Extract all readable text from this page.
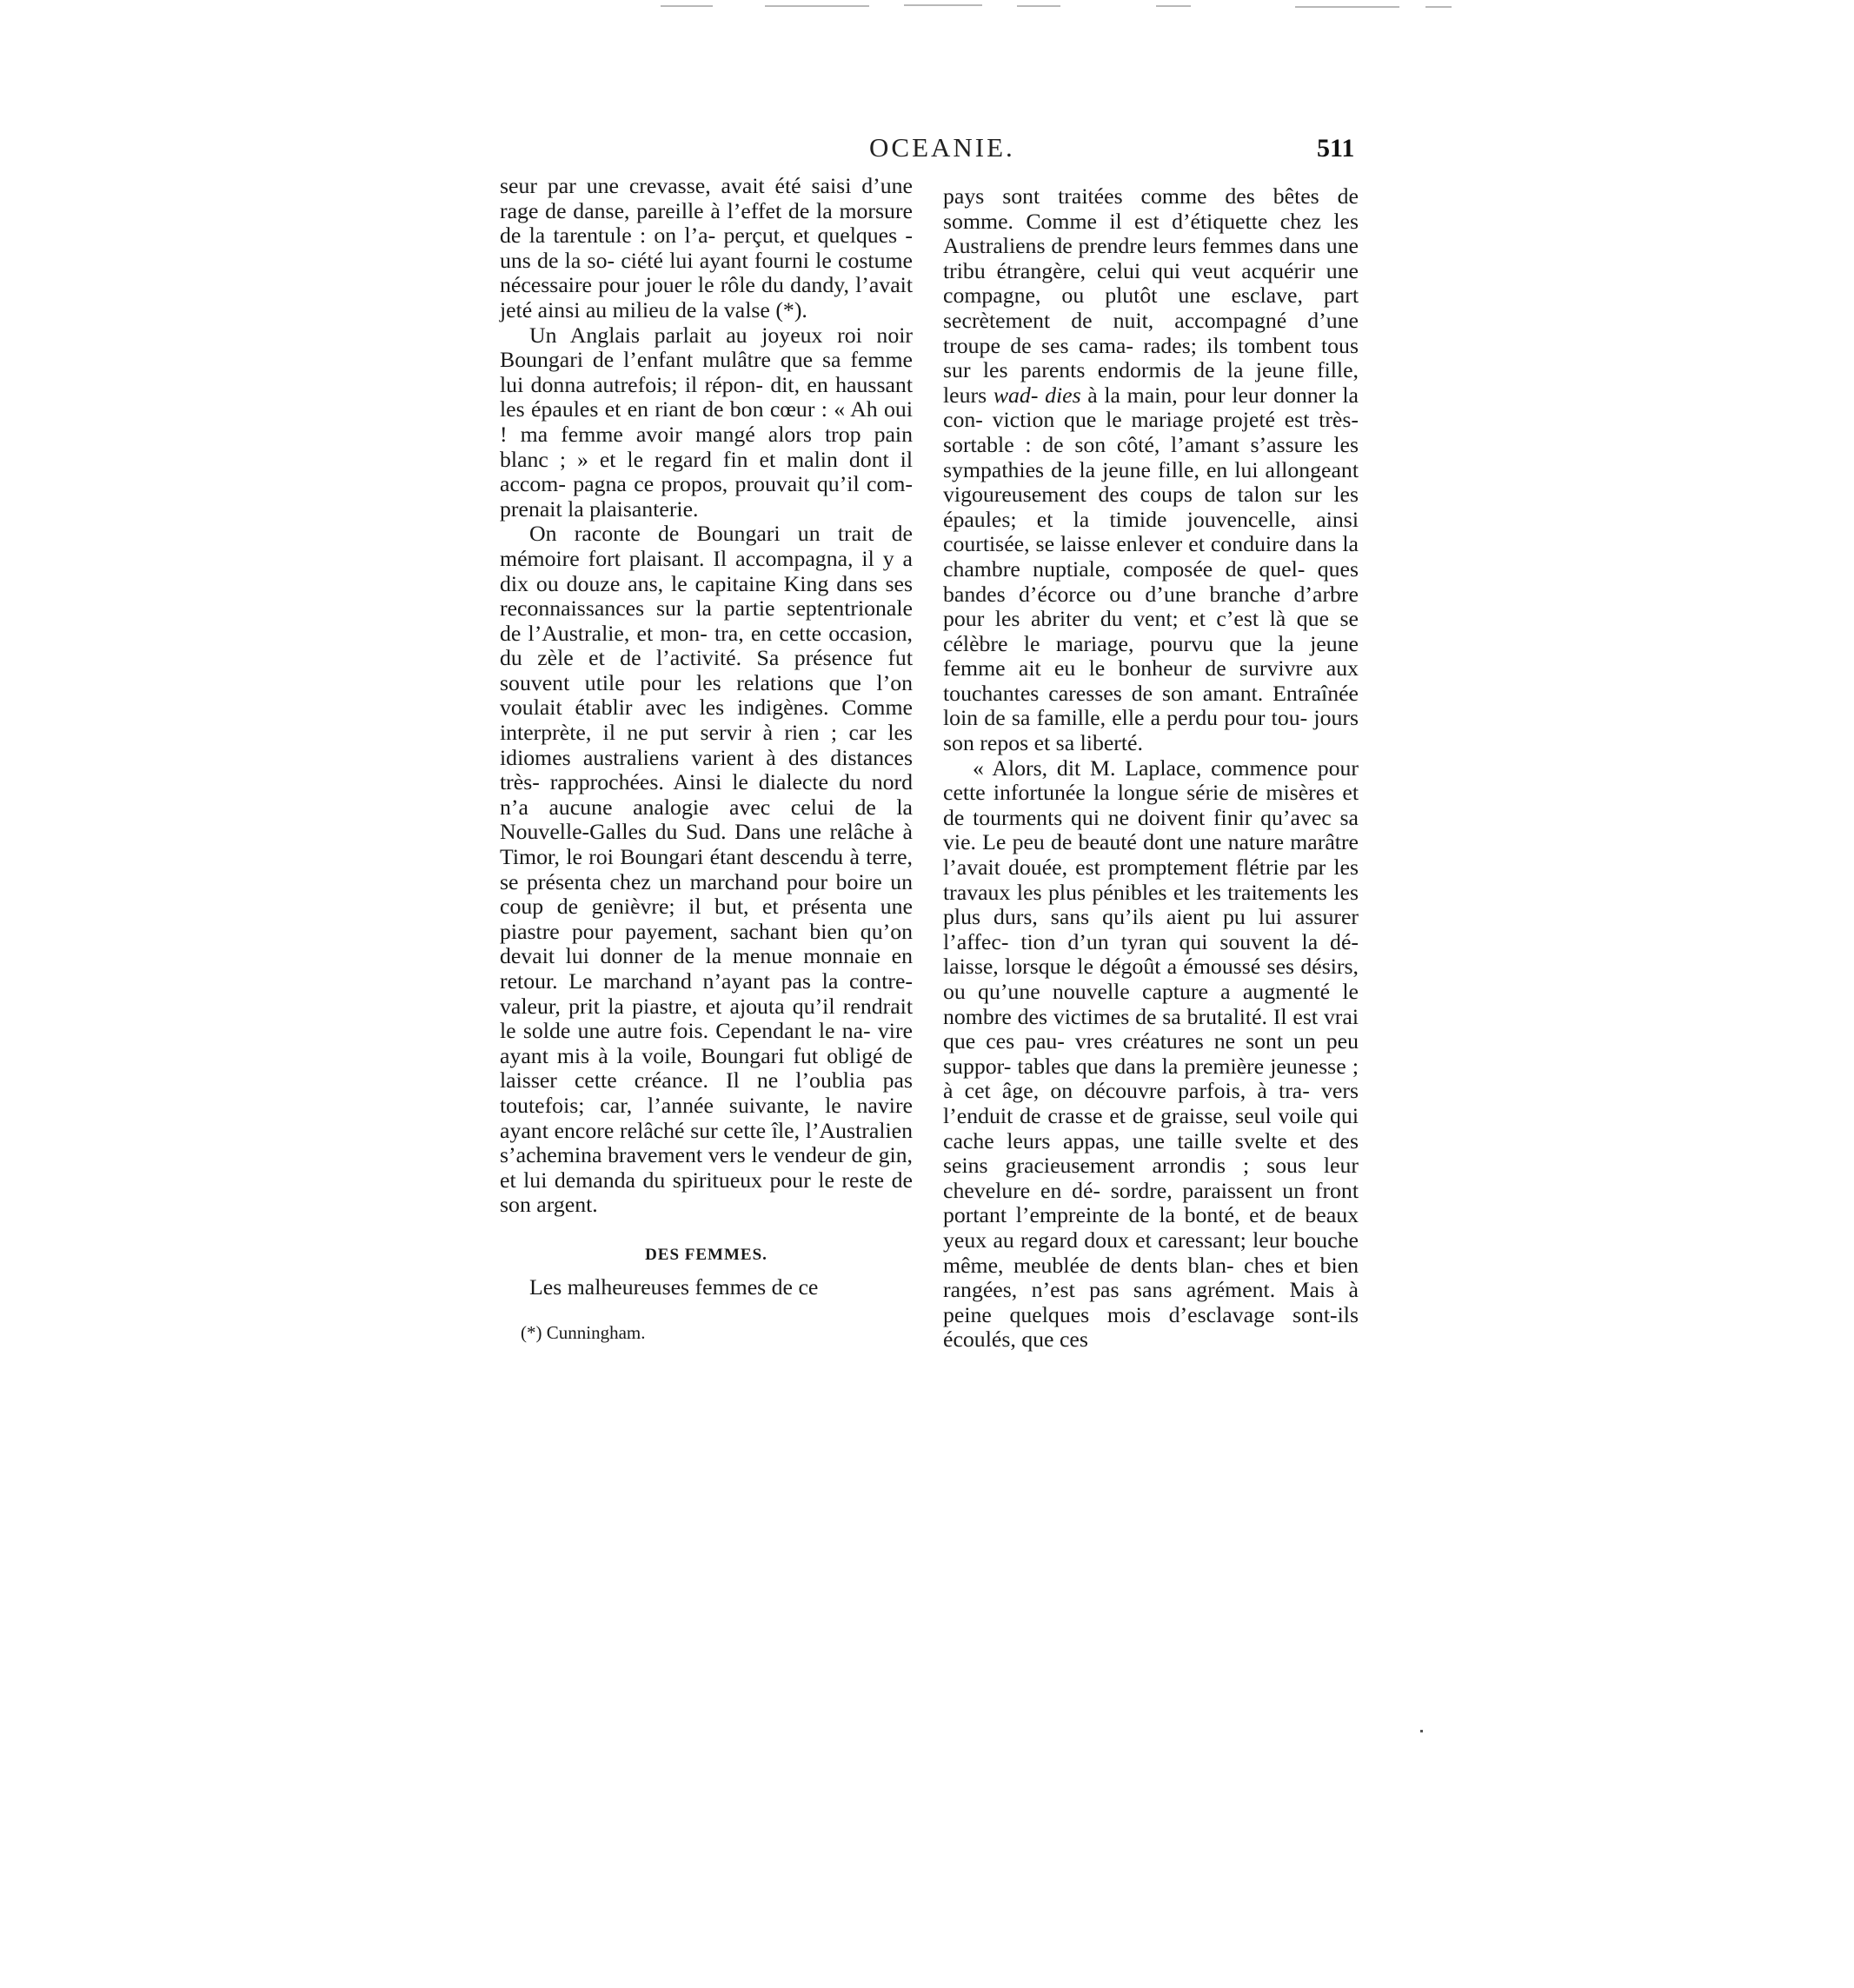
OCEANIE.	511

seur par une crevasse, avait été saisi d’une rage de danse, pareille à l’effet de la morsure de la tarentule : on l’a- perçut, et quelques - uns de la so- ciété lui ayant fourni le costume nécessaire pour jouer le rôle du dandy, l’avait jeté ainsi au milieu de la valse (*).

Un Anglais parlait au joyeux roi noir Boungari de l’enfant mulâtre que sa femme lui donna autrefois; il répon- dit, en haussant les épaules et en riant de bon cœur : « Ah oui ! ma femme avoir mangé alors trop pain blanc ; » et le regard fin et malin dont il accom- pagna ce propos, prouvait qu’il com- prenait la plaisanterie.

On raconte de Boungari un trait de mémoire fort plaisant. Il accompagna, il y a dix ou douze ans, le capitaine King dans ses reconnaissances sur la partie septentrionale de l’Australie, et mon- tra, en cette occasion, du zèle et de l’activité. Sa présence fut souvent utile pour les relations que l’on voulait établir avec les indigènes. Comme interprète, il ne put servir à rien ; car les idiomes australiens varient à des distances très- rapprochées. Ainsi le dialecte du nord n’a aucune analogie avec celui de la Nouvelle-Galles du Sud. Dans une relâche à Timor, le roi Boungari étant descendu à terre, se présenta chez un marchand pour boire un coup de genièvre; il but, et présenta une piastre pour payement, sachant bien qu’on devait lui donner de la menue monnaie en retour. Le marchand n’ayant pas la contre-valeur, prit la piastre, et ajouta qu’il rendrait le solde une autre fois. Cependant le na- vire ayant mis à la voile, Boungari fut obligé de laisser cette créance. Il ne l’oublia pas toutefois; car, l’année suivante, le navire ayant encore relâché sur cette île, l’Australien s’achemina bravement vers le vendeur de gin, et lui demanda du spiritueux pour le reste de son argent.

DES FEMMES.

Les malheureuses femmes de ce

(*) Cunningham.

pays sont traitées comme des bêtes de somme. Comme il est d’étiquette chez les Australiens de prendre leurs femmes dans une tribu étrangère, celui qui veut acquérir une compagne, ou plutôt une esclave, part secrètement de nuit, accompagné d’une troupe de ses cama- rades; ils tombent tous sur les parents endormis de la jeune fille, leurs wad- dies à la main, pour leur donner la con- viction que le mariage projeté est très-sortable : de son côté, l’amant s’assure les sympathies de la jeune fille, en lui allongeant vigoureusement des coups de talon sur les épaules; et la timide jouvencelle, ainsi courtisée, se laisse enlever et conduire dans la chambre nuptiale, composée de quel- ques bandes d’écorce ou d’une branche d’arbre pour les abriter du vent; et c’est là que se célèbre le mariage, pourvu que la jeune femme ait eu le bonheur de survivre aux touchantes caresses de son amant. Entraînée loin de sa famille, elle a perdu pour tou- jours son repos et sa liberté.

« Alors, dit M. Laplace, commence pour cette infortunée la longue série de misères et de tourments qui ne doivent finir qu’avec sa vie. Le peu de beauté dont une nature marâtre l’avait douée, est promptement flétrie par les travaux les plus pénibles et les traitements les plus durs, sans qu’ils aient pu lui assurer l’affec- tion d’un tyran qui souvent la dé- laisse, lorsque le dégoût a émoussé ses désirs, ou qu’une nouvelle capture a augmenté le nombre des victimes de sa brutalité. Il est vrai que ces pau- vres créatures ne sont un peu suppor- tables que dans la première jeunesse ; à cet âge, on découvre parfois, à tra- vers l’enduit de crasse et de graisse, seul voile qui cache leurs appas, une taille svelte et des seins gracieusement arrondis ; sous leur chevelure en dé- sordre, paraissent un front portant l’empreinte de la bonté, et de beaux yeux au regard doux et caressant; leur bouche même, meublée de dents blan- ches et bien rangées, n’est pas sans agrément. Mais à peine quelques mois d’esclavage sont-ils écoulés, que ces
